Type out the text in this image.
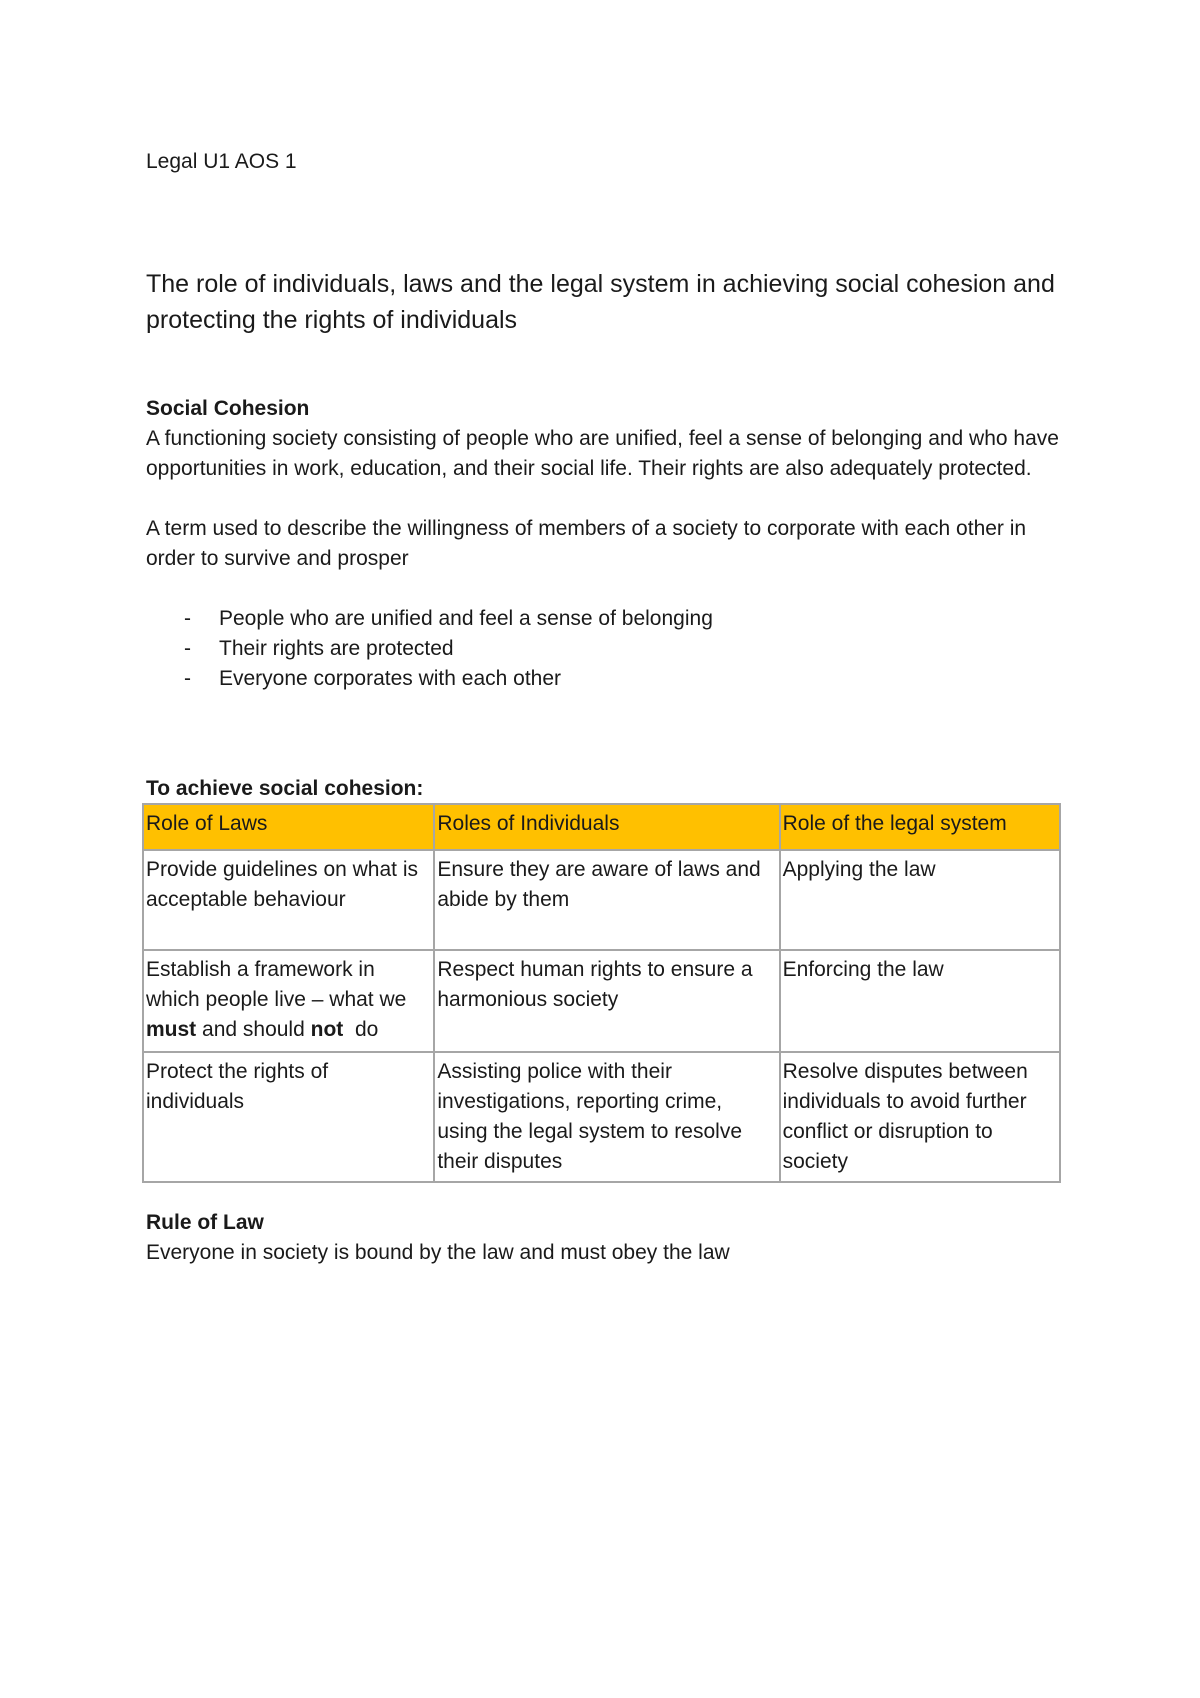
Legal U1 AOS 1
The role of individuals, laws and the legal system in achieving social cohesion and protecting the rights of individuals
Social Cohesion

A functioning society consisting of people who are unified, feel a sense of belonging and who have opportunities in work, education, and their social life. Their rights are also adequately protected.

A term used to describe the willingness of members of a society to corporate with each other in order to survive and prosper

- People who are unified and feel a sense of belonging
- Their rights are protected
- Everyone corporates with each other
To achieve social cohesion:
Role of Laws	Roles of Individuals	Role of the legal system
Provide guidelines on what is acceptable behaviour	Ensure they are aware of laws and abide by them	Applying the law
Establish a framework in which people live – what we must and should not  do	Respect human rights to ensure a harmonious society	Enforcing the law
Protect the rights of individuals	Assisting police with their investigations, reporting crime, using the legal system to resolve their disputes	Resolve disputes between individuals to avoid further conflict or disruption to society
Rule of Law

Everyone in society is bound by the law and must obey the law
